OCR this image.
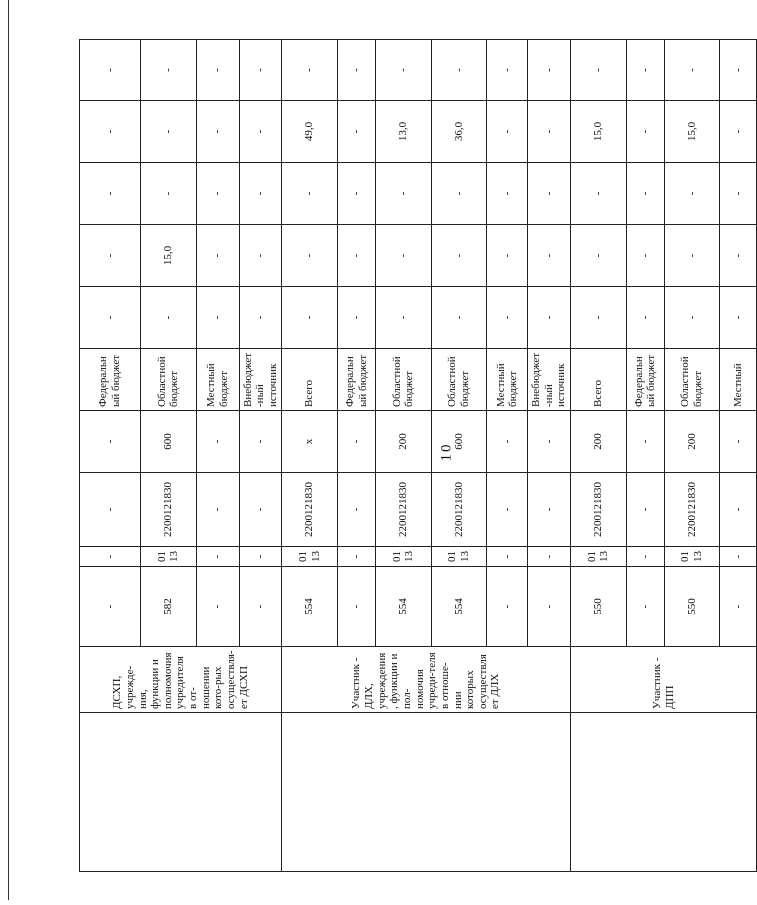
10
	ДСХП, учрежде-ния, функции и полномочия учредителя в от-ношении кото-рых осуществля-ет ДСХП	-	-	-	-	Федеральный бюджет	-	-	-	-	-	
		582	0113	2200121830	600	Областной бюджет	-	15,0	-	-	-	
		-	-	-	-	Местный бюджет	-	-	-	-	-	
		-	-	-	-	Внебюджет-ный источник	-	-	-	-	-	
	Участник - ДЛХ, учреждения, функции и пол-номочия учреди-теля в отноше-нии которых осуществляет ДЛХ	554	0113	2200121830	x	Всего	-	-	-	49,0	-	
		-	-	-	-	Федеральный бюджет	-	-	-	-	-	
		554	0113	2200121830	200	Областной бюджет	-	-	-	13,0	-	
		554	0113	2200121830	600	Областной бюджет	-	-	-	36,0	-	
		-	-	-	-	Местный бюджет	-	-	-	-	-	
		-	-	-	-	Внебюджет-ный источник	-	-	-	-	-	
	Участник - ДПП	550	0113	2200121830	200	Всего	-	-	-	15,0	-	
		-	-	-	-	Федеральный бюджет	-	-	-	-	-	
		550	0113	2200121830	200	Областной бюджет	-	-	-	15,0	-	
		-	-	-	-	Местный	-	-	-	-	-	
